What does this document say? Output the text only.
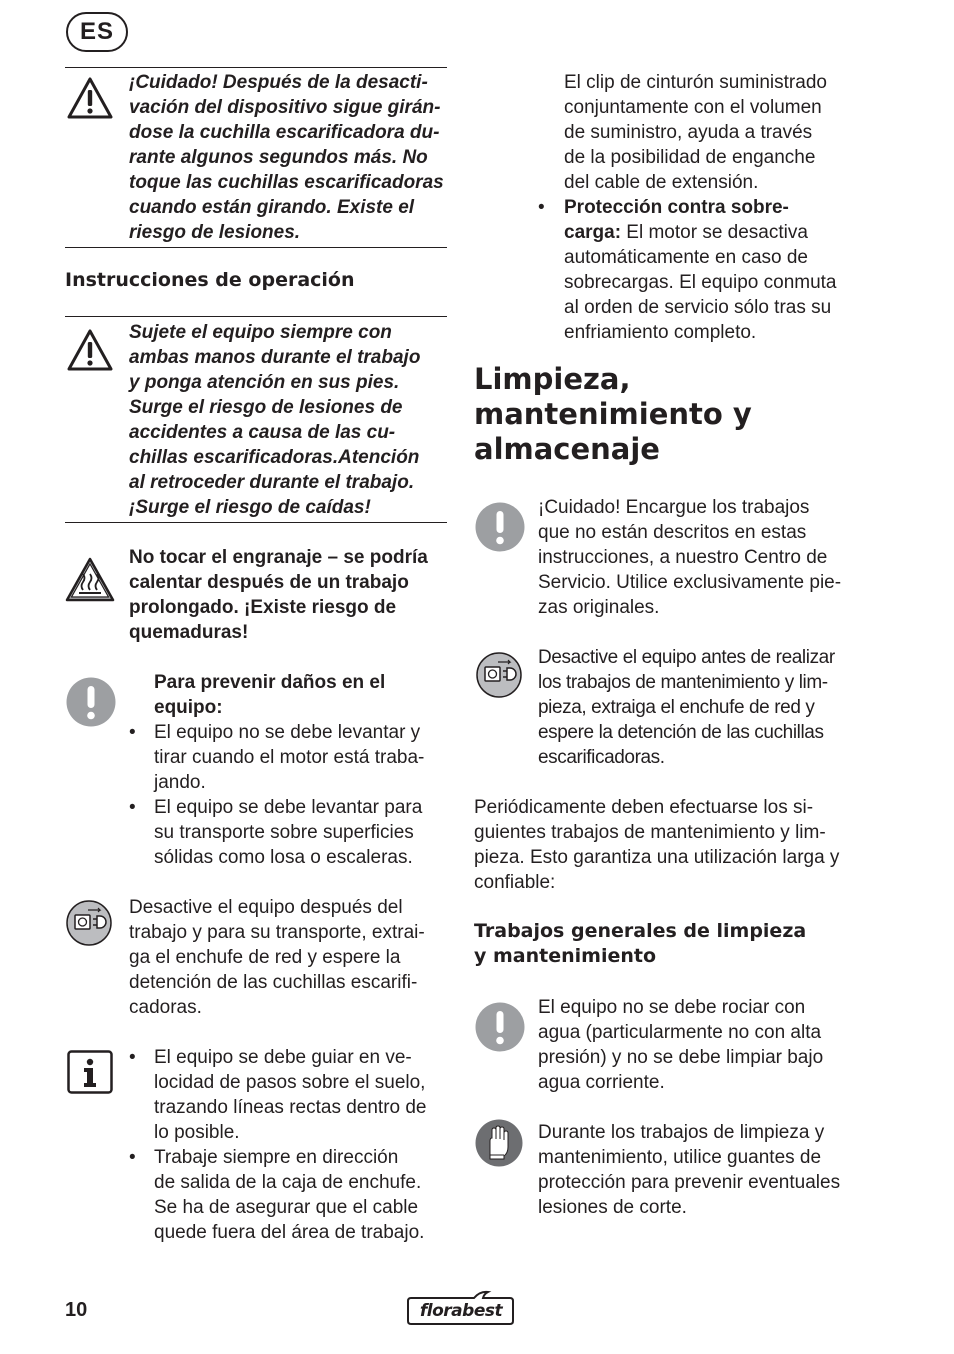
ES
¡Cuidado! Después de la desacti-
vación del dispositivo sigue girán-
dose la cuchilla escarificadora du-
rante algunos segundos más. No
toque las cuchillas escarificadoras
cuando están girando. Existe el
riesgo de lesiones.
Instrucciones de operación
Sujete el equipo siempre con
ambas manos durante el trabajo
y ponga atención en sus pies.
Surge el riesgo de lesiones de
accidentes a causa de las cu-
chillas escarificadoras.Atención
al retroceder durante el trabajo.
¡Surge el riesgo de caídas!
No tocar el engranaje – se podría
calentar después de un trabajo
prolongado. ¡Existe riesgo de
quemaduras!
Para prevenir daños en el
equipo:
• El equipo no se debe levantar y
tirar cuando el motor está traba-
jando.
• El equipo se debe levantar para
su transporte sobre superficies
sólidas como losa o escaleras.
Desactive el equipo después del
trabajo y para su transporte, extrai-
ga el enchufe de red y espere la
detención de las cuchillas escarifi-
cadoras.
• El equipo se debe guiar en ve-
locidad de pasos sobre el suelo,
trazando líneas rectas dentro de
lo posible.
• Trabaje siempre en dirección
de salida de la caja de enchufe.
Se ha de asegurar que el cable
quede fuera del área de trabajo.
El clip de cinturón suministrado
conjuntamente con el volumen
de suministro, ayuda a través
de la posibilidad de enganche
del cable de extensión.
• Protección contra sobre-
carga: El motor se desactiva
automáticamente en caso de
sobrecargas. El equipo conmuta
al orden de servicio sólo tras su
enfriamiento completo.
Limpieza,
mantenimiento y
almacenaje
¡Cuidado! Encargue los trabajos
que no están descritos en estas
instrucciones, a nuestro Centro de
Servicio. Utilice exclusivamente pie-
zas originales.
Desactive el equipo antes de realizar
los trabajos de mantenimiento y lim-
pieza, extraiga el enchufe de red y
espere la detención de las cuchillas
escarificadoras.
Periódicamente deben efectuarse los si-
guientes trabajos de mantenimiento y lim-
pieza. Esto garantiza una utilización larga y
confiable:
Trabajos generales de limpieza
y mantenimiento
El equipo no se debe rociar con
agua (particularmente no con alta
presión) y no se debe limpiar bajo
agua corriente.
Durante los trabajos de limpieza y
mantenimiento, utilice guantes de
protección para prevenir eventuales
lesiones de corte.
10	florabest
